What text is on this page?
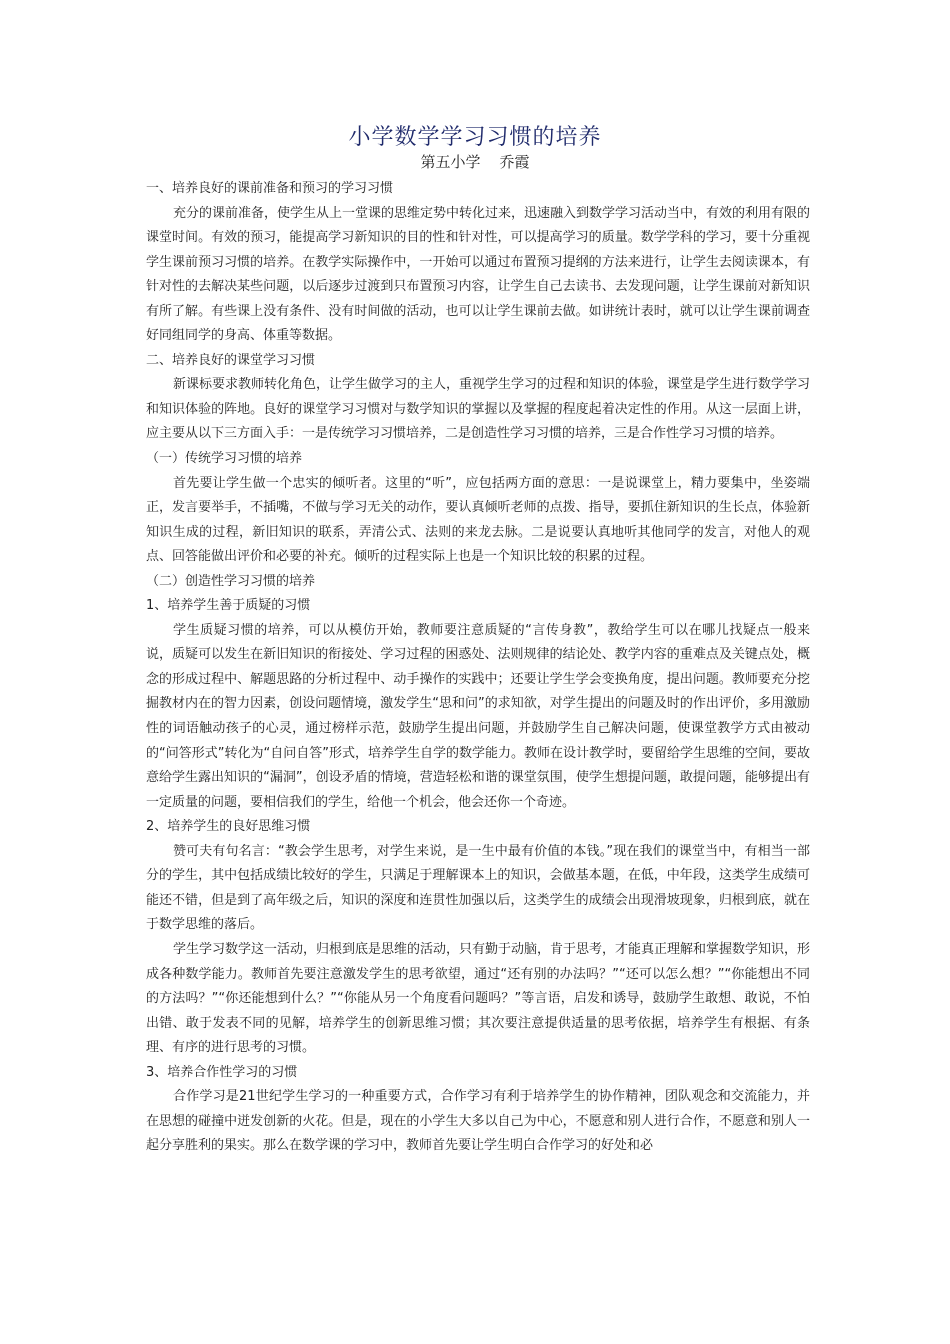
小学数学学习习惯的培养
第五小学    乔霞

一、培养良好的课前准备和预习的学习习惯

充分的课前准备，使学生从上一堂课的思维定势中转化过来，迅速融入到数学学习活动当中，有效的利用有限的课堂时间。有效的预习，能提高学习新知识的目的性和针对性，可以提高学习的质量。数学学科的学习，要十分重视学生课前预习习惯的培养。在教学实际操作中，一开始可以通过布置预习提纲的方法来进行，让学生去阅读课本，有针对性的去解决某些问题，以后逐步过渡到只布置预习内容，让学生自己去读书、去发现问题，让学生课前对新知识有所了解。有些课上没有条件、没有时间做的活动，也可以让学生课前去做。如讲统计表时，就可以让学生课前调查好同组同学的身高、体重等数据。

二、培养良好的课堂学习习惯

新课标要求教师转化角色，让学生做学习的主人，重视学生学习的过程和知识的体验，课堂是学生进行数学学习和知识体验的阵地。良好的课堂学习习惯对与数学知识的掌握以及掌握的程度起着决定性的作用。从这一层面上讲，应主要从以下三方面入手：一是传统学习习惯培养，二是创造性学习习惯的培养，三是合作性学习习惯的培养。

（一）传统学习习惯的培养

首先要让学生做一个忠实的倾听者。这里的“听”，应包括两方面的意思：一是说课堂上，精力要集中，坐姿端正，发言要举手，不插嘴，不做与学习无关的动作，要认真倾听老师的点拨、指导，要抓住新知识的生长点，体验新知识生成的过程，新旧知识的联系，弄清公式、法则的来龙去脉。二是说要认真地听其他同学的发言，对他人的观点、回答能做出评价和必要的补充。倾听的过程实际上也是一个知识比较的积累的过程。

（二）创造性学习习惯的培养

1、培养学生善于质疑的习惯

学生质疑习惯的培养，可以从模仿开始，教师要注意质疑的“言传身教”，教给学生可以在哪儿找疑点一般来说，质疑可以发生在新旧知识的衔接处、学习过程的困惑处、法则规律的结论处、教学内容的重难点及关键点处，概念的形成过程中、解题思路的分析过程中、动手操作的实践中；还要让学生学会变换角度，提出问题。教师要充分挖掘教材内在的智力因素，创设问题情境，激发学生“思和问”的求知欲，对学生提出的问题及时的作出评价，多用激励性的词语触动孩子的心灵，通过榜样示范，鼓励学生提出问题，并鼓励学生自己解决问题，使课堂教学方式由被动的“问答形式”转化为“自问自答”形式，培养学生自学的数学能力。教师在设计教学时，要留给学生思维的空间，要故意给学生露出知识的“漏洞”，创设矛盾的情境，营造轻松和谐的课堂氛围，使学生想提问题，敢提问题，能够提出有一定质量的问题，要相信我们的学生，给他一个机会，他会还你一个奇迹。

2、培养学生的良好思维习惯

赞可夫有句名言：“教会学生思考，对学生来说，是一生中最有价值的本钱。”现在我们的课堂当中，有相当一部分的学生，其中包括成绩比较好的学生，只满足于理解课本上的知识，会做基本题，在低，中年段，这类学生成绩可能还不错，但是到了高年级之后，知识的深度和连贯性加强以后，这类学生的成绩会出现滑坡现象，归根到底，就在于数学思维的落后。

学生学习数学这一活动，归根到底是思维的活动，只有勤于动脑，肯于思考，才能真正理解和掌握数学知识，形成各种数学能力。教师首先要注意激发学生的思考欲望，通过“还有别的办法吗？”“还可以怎么想？”“你能想出不同的方法吗？”“你还能想到什么？”“你能从另一个角度看问题吗？”等言语，启发和诱导，鼓励学生敢想、敢说，不怕出错、敢于发表不同的见解，培养学生的创新思维习惯；其次要注意提供适量的思考依据，培养学生有根据、有条理、有序的进行思考的习惯。

3、培养合作性学习的习惯

合作学习是21世纪学生学习的一种重要方式，合作学习有利于培养学生的协作精神，团队观念和交流能力，并在思想的碰撞中迸发创新的火花。但是，现在的小学生大多以自己为中心，不愿意和别人进行合作，不愿意和别人一起分享胜利的果实。那么在数学课的学习中，教师首先要让学生明白合作学习的好处和必
